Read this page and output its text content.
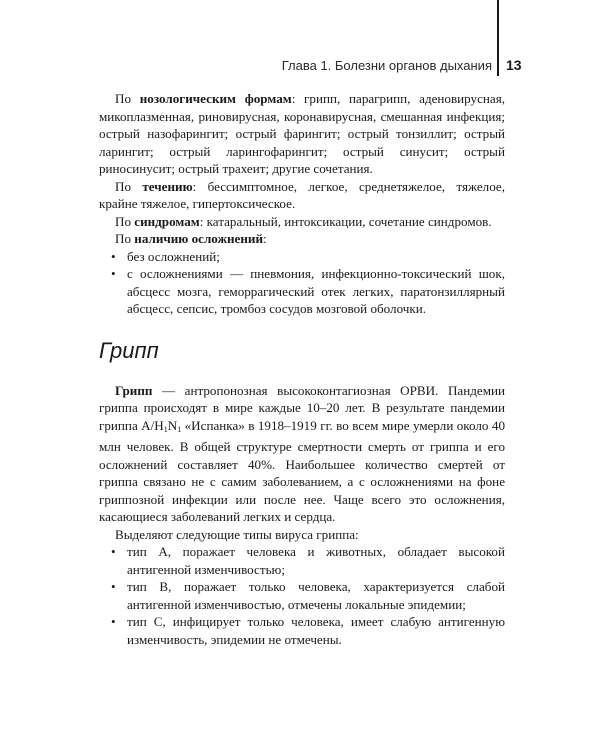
Глава 1. Болезни органов дыхания 13

По нозологическим формам: грипп, парагрипп, аденовирусная, микоплазменная, риновирусная, коронавирусная, смешанная инфекция; острый назофарингит; острый фарингит; острый тонзиллит; острый ларингит; острый ларингофарингит; острый синусит; острый риносинусит; острый трахеит; другие сочетания.

По течению: бессимптомное, легкое, среднетяжелое, тяжелое, крайне тяжелое, гипертоксическое.

По синдромам: катаральный, интоксикации, сочетание синдромов.

По наличию осложнений:

• без осложнений;
• с осложнениями — пневмония, инфекционно-токсический шок, абсцесс мозга, геморрагический отек легких, паратонзиллярный абсцесс, сепсис, тромбоз сосудов мозговой оболочки.
Грипп

Грипп — антропонозная высококонтагиозная ОРВИ. Пандемии гриппа происходят в мире каждые 10–20 лет. В результате пандемии гриппа $A/H_1N_1$ «Испанка» в 1918–1919 гг. во всем мире умерли около 40 млн человек. В общей структуре смертности смерть от гриппа и его осложнений составляет 40%. Наибольшее количество смертей от гриппа связано не с самим заболеванием, а с осложнениями на фоне гриппозной инфекции или после нее. Чаще всего это осложнения, касающиеся заболеваний легких и сердца.

Выделяют следующие типы вируса гриппа:

• тип A, поражает человека и животных, обладает высокой антигенной изменчивостью;
• тип B, поражает только человека, характеризуется слабой антигенной изменчивостью, отмечены локальные эпидемии;
• тип C, инфицирует только человека, имеет слабую антигенную изменчивость, эпидемии не отмечены.
